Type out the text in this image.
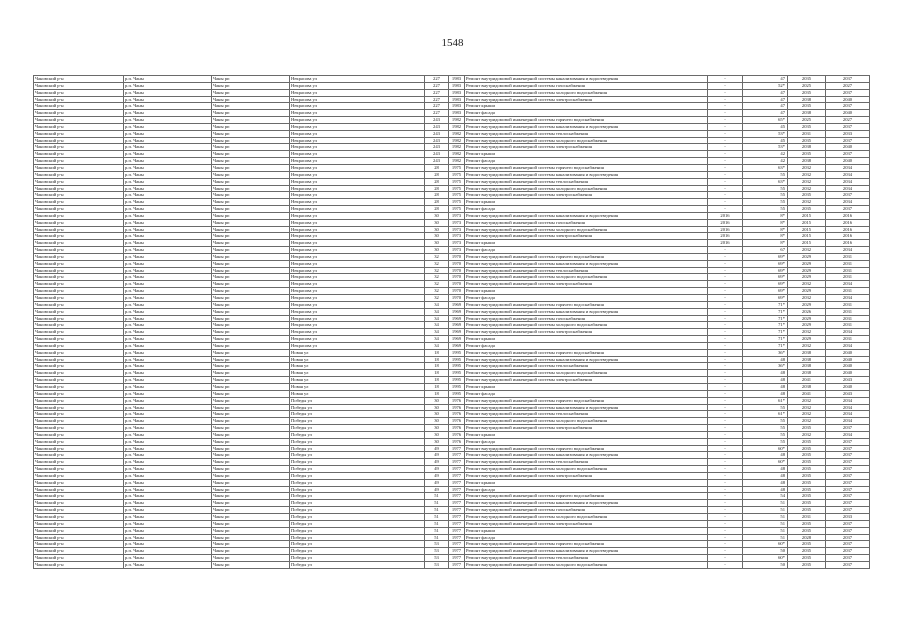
1548
Чановский р-н	р.п. Чаны	Чаны рп	Некрасова ул	227	1983	Ремонт внутридомовой инженерной системы канализования и водоотведения	-	47	2035	2037
Чановский р-н	р.п. Чаны	Чаны рп	Некрасова ул	227	1983	Ремонт внутридомовой инженерной системы газоснабжения	-	52*	2025	2027
Чановский р-н	р.п. Чаны	Чаны рп	Некрасова ул	227	1983	Ремонт внутридомовой инженерной системы холодного водоснабжения	-	47	2035	2037
Чановский р-н	р.п. Чаны	Чаны рп	Некрасова ул	227	1983	Ремонт внутридомовой инженерной системы электроснабжения	-	47	2038	2040
Чановский р-н	р.п. Чаны	Чаны рп	Некрасова ул	227	1983	Ремонт крыши	-	47	2035	2037
Чановский р-н	р.п. Чаны	Чаны рп	Некрасова ул	227	1983	Ремонт фасада	-	47	2038	2040
Чановский р-н	р.п. Чаны	Чаны рп	Некрасова ул	243	1982	Ремонт внутридомовой инженерной системы горячего водоснабжения	-	65*	2025	2027
Чановский р-н	р.п. Чаны	Чаны рп	Некрасова ул	243	1982	Ремонт внутридомовой инженерной системы канализования и водоотведения	-	45	2035	2037
Чановский р-н	р.п. Чаны	Чаны рп	Некрасова ул	243	1982	Ремонт внутридомовой инженерной системы теплоснабжения	-	53*	2031	2033
Чановский р-н	р.п. Чаны	Чаны рп	Некрасова ул	243	1982	Ремонт внутридомовой инженерной системы холодного водоснабжения	-	45	2035	2037
Чановский р-н	р.п. Чаны	Чаны рп	Некрасова ул	243	1982	Ремонт внутридомовой инженерной системы электроснабжения	-	53*	2038	2040
Чановский р-н	р.п. Чаны	Чаны рп	Некрасова ул	243	1982	Ремонт крыши	-	42	2035	2037
Чановский р-н	р.п. Чаны	Чаны рп	Некрасова ул	243	1982	Ремонт фасада	-	42	2038	2040
Чановский р-н	р.п. Чаны	Чаны рп	Некрасова ул	28	1975	Ремонт внутридомовой инженерной системы горячего водоснабжения	-	63*	2032	2034
Чановский р-н	р.п. Чаны	Чаны рп	Некрасова ул	28	1975	Ремонт внутридомовой инженерной системы канализования и водоотведения	-	55	2032	2034
Чановский р-н	р.п. Чаны	Чаны рп	Некрасова ул	28	1975	Ремонт внутридомовой инженерной системы теплоснабжения	-	63*	2032	2034
Чановский р-н	р.п. Чаны	Чаны рп	Некрасова ул	28	1975	Ремонт внутридомовой инженерной системы холодного водоснабжения	-	55	2032	2034
Чановский р-н	р.п. Чаны	Чаны рп	Некрасова ул	28	1975	Ремонт внутридомовой инженерной системы электроснабжения	-	55	2035	2037
Чановский р-н	р.п. Чаны	Чаны рп	Некрасова ул	28	1975	Ремонт крыши	-	55	2032	2034
Чановский р-н	р.п. Чаны	Чаны рп	Некрасова ул	28	1975	Ремонт фасада	-	55	2035	2037
Чановский р-н	р.п. Чаны	Чаны рп	Некрасова ул	30	1973	Ремонт внутридомовой инженерной системы канализования и водоотведения	2016	8*	2015	2016
Чановский р-н	р.п. Чаны	Чаны рп	Некрасова ул	30	1973	Ремонт внутридомовой инженерной системы газоснабжения	2016	8*	2015	2016
Чановский р-н	р.п. Чаны	Чаны рп	Некрасова ул	30	1973	Ремонт внутридомовой инженерной системы холодного водоснабжения	2016	8*	2015	2016
Чановский р-н	р.п. Чаны	Чаны рп	Некрасова ул	30	1973	Ремонт внутридомовой инженерной системы электроснабжения	2016	8*	2015	2016
Чановский р-н	р.п. Чаны	Чаны рп	Некрасова ул	30	1973	Ремонт крыши	2016	8*	2015	2016
Чановский р-н	р.п. Чаны	Чаны рп	Некрасова ул	30	1973	Ремонт фасада	-	67	2032	2034
Чановский р-н	р.п. Чаны	Чаны рп	Некрасова ул	32	1970	Ремонт внутридомовой инженерной системы горячего водоснабжения	-	69*	2029	2031
Чановский р-н	р.п. Чаны	Чаны рп	Некрасова ул	32	1970	Ремонт внутридомовой инженерной системы канализования и водоотведения	-	69*	2029	2031
Чановский р-н	р.п. Чаны	Чаны рп	Некрасова ул	32	1970	Ремонт внутридомовой инженерной системы теплоснабжения	-	69*	2029	2031
Чановский р-н	р.п. Чаны	Чаны рп	Некрасова ул	32	1970	Ремонт внутридомовой инженерной системы холодного водоснабжения	-	69*	2029	2031
Чановский р-н	р.п. Чаны	Чаны рп	Некрасова ул	32	1970	Ремонт внутридомовой инженерной системы электроснабжения	-	69*	2032	2034
Чановский р-н	р.п. Чаны	Чаны рп	Некрасова ул	32	1970	Ремонт крыши	-	69*	2029	2031
Чановский р-н	р.п. Чаны	Чаны рп	Некрасова ул	32	1970	Ремонт фасада	-	69*	2032	2034
Чановский р-н	р.п. Чаны	Чаны рп	Некрасова ул	34	1969	Ремонт внутридомовой инженерной системы горячего водоснабжения	-	71*	2029	2031
Чановский р-н	р.п. Чаны	Чаны рп	Некрасова ул	34	1969	Ремонт внутридомовой инженерной системы канализования и водоотведения	-	71*	2026	2031
Чановский р-н	р.п. Чаны	Чаны рп	Некрасова ул	34	1969	Ремонт внутридомовой инженерной системы газоснабжения	-	71*	2029	2031
Чановский р-н	р.п. Чаны	Чаны рп	Некрасова ул	34	1969	Ремонт внутридомовой инженерной системы холодного водоснабжения	-	71*	2029	2031
Чановский р-н	р.п. Чаны	Чаны рп	Некрасова ул	34	1969	Ремонт внутридомовой инженерной системы электроснабжения	-	71*	2032	2034
Чановский р-н	р.п. Чаны	Чаны рп	Некрасова ул	34	1969	Ремонт крыши	-	71*	2029	2031
Чановский р-н	р.п. Чаны	Чаны рп	Некрасова ул	34	1969	Ремонт фасада	-	71*	2032	2034
Чановский р-н	р.п. Чаны	Чаны рп	Новая ул	18	1995	Ремонт внутридомовой инженерной системы горячего водоснабжения	-	36*	2038	2040
Чановский р-н	р.п. Чаны	Чаны рп	Новая ул	18	1995	Ремонт внутридомовой инженерной системы канализования и водоотведения	-	48	2038	2040
Чановский р-н	р.п. Чаны	Чаны рп	Новая ул	18	1995	Ремонт внутридомовой инженерной системы теплоснабжения	-	36*	2038	2040
Чановский р-н	р.п. Чаны	Чаны рп	Новая ул	18	1995	Ремонт внутридомовой инженерной системы холодного водоснабжения	-	48	2038	2040
Чановский р-н	р.п. Чаны	Чаны рп	Новая ул	18	1995	Ремонт внутридомовой инженерной системы электроснабжения	-	48	2041	2043
Чановский р-н	р.п. Чаны	Чаны рп	Новая ул	18	1995	Ремонт крыши	-	48	2038	2040
Чановский р-н	р.п. Чаны	Чаны рп	Новая ул	18	1995	Ремонт фасада	-	48	2041	2043
Чановский р-н	р.п. Чаны	Чаны рп	Победы ул	30	1976	Ремонт внутридомовой инженерной системы горячего водоснабжения	-	61*	2032	2034
Чановский р-н	р.п. Чаны	Чаны рп	Победы ул	30	1976	Ремонт внутридомовой инженерной системы канализования и водоотведения	-	55	2032	2034
Чановский р-н	р.п. Чаны	Чаны рп	Победы ул	30	1976	Ремонт внутридомовой инженерной системы теплоснабжения	-	61*	2032	2034
Чановский р-н	р.п. Чаны	Чаны рп	Победы ул	30	1976	Ремонт внутридомовой инженерной системы холодного водоснабжения	-	55	2032	2034
Чановский р-н	р.п. Чаны	Чаны рп	Победы ул	30	1976	Ремонт внутридомовой инженерной системы электроснабжения	-	55	2035	2037
Чановский р-н	р.п. Чаны	Чаны рп	Победы ул	30	1976	Ремонт крыши	-	55	2032	2034
Чановский р-н	р.п. Чаны	Чаны рп	Победы ул	30	1976	Ремонт фасада	-	55	2035	2037
Чановский р-н	р.п. Чаны	Чаны рп	Победы ул	49	1977	Ремонт внутридомовой инженерной системы горячего водоснабжения	-	60*	2035	2037
Чановский р-н	р.п. Чаны	Чаны рп	Победы ул	49	1977	Ремонт внутридомовой инженерной системы канализования и водоотведения	-	48	2035	2037
Чановский р-н	р.п. Чаны	Чаны рп	Победы ул	49	1977	Ремонт внутридомовой инженерной системы теплоснабжения	-	60*	2035	2037
Чановский р-н	р.п. Чаны	Чаны рп	Победы ул	49	1977	Ремонт внутридомовой инженерной системы холодного водоснабжения	-	48	2035	2037
Чановский р-н	р.п. Чаны	Чаны рп	Победы ул	49	1977	Ремонт внутридомовой инженерной системы электроснабжения	-	48	2035	2037
Чановский р-н	р.п. Чаны	Чаны рп	Победы ул	49	1977	Ремонт крыши	-	48	2035	2037
Чановский р-н	р.п. Чаны	Чаны рп	Победы ул	49	1977	Ремонт фасада	-	48	2035	2037
Чановский р-н	р.п. Чаны	Чаны рп	Победы ул	51	1977	Ремонт внутридомовой инженерной системы горячего водоснабжения	-	54	2035	2037
Чановский р-н	р.п. Чаны	Чаны рп	Победы ул	51	1977	Ремонт внутридомовой инженерной системы канализования и водоотведения	-	51	2035	2037
Чановский р-н	р.п. Чаны	Чаны рп	Победы ул	51	1977	Ремонт внутридомовой инженерной системы газоснабжения	-	51	2035	2037
Чановский р-н	р.п. Чаны	Чаны рп	Победы ул	51	1977	Ремонт внутридомовой инженерной системы холодного водоснабжения	-	51	2031	2033
Чановский р-н	р.п. Чаны	Чаны рп	Победы ул	51	1977	Ремонт внутридомовой инженерной системы электроснабжения	-	51	2035	2037
Чановский р-н	р.п. Чаны	Чаны рп	Победы ул	51	1977	Ремонт крыши	-	51	2035	2037
Чановский р-н	р.п. Чаны	Чаны рп	Победы ул	51	1977	Ремонт фасада	-	51	2028	2037
Чановский р-н	р.п. Чаны	Чаны рп	Победы ул	53	1977	Ремонт внутридомовой инженерной системы горячего водоснабжения	-	60*	2035	2037
Чановский р-н	р.п. Чаны	Чаны рп	Победы ул	53	1977	Ремонт внутридомовой инженерной системы канализования и водоотведения	-	50	2035	2037
Чановский р-н	р.п. Чаны	Чаны рп	Победы ул	53	1977	Ремонт внутридомовой инженерной системы теплоснабжения	-	60*	2035	2037
Чановский р-н	р.п. Чаны	Чаны рп	Победы ул	53	1977	Ремонт внутридомовой инженерной системы холодного водоснабжения	-	50	2035	2037
